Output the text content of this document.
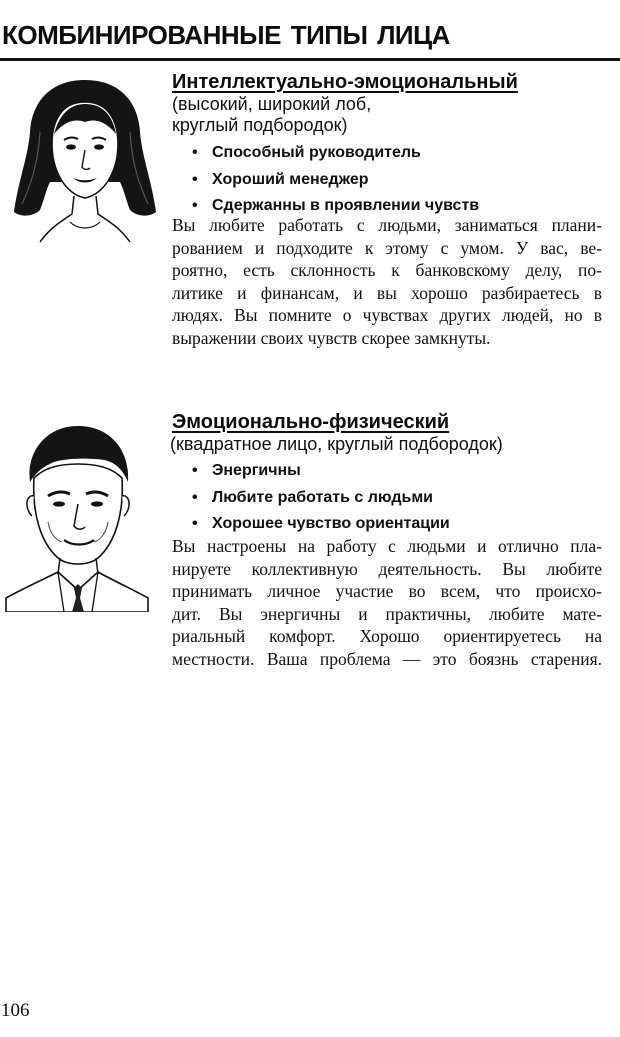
комбинированные типы лица
Интеллектуально-эмоциональный
(высокий, широкий лоб,
круглый подбородок)
• Способный руководитель
• Хороший менеджер
• Сдержанны в проявлении чувств
Вы любите работать с людьми, заниматься плани-
рованием и подходите к этому с умом. У вас, ве-
роятно, есть склонность к банковскому делу, по-
литике и финансам, и вы хорошо разбираетесь в
людях. Вы помните о чувствах других людей, но в
выражении своих чувств скорее замкнуты.
Эмоционально-физический
(квадратное лицо, круглый подбородок)
• Энергичны
• Любите работать с людьми
• Хорошее чувство ориентации
Вы настроены на работу с людьми и отлично пла-
нируете коллективную деятельность. Вы любите
принимать личное участие во всем, что происхо-
дит. Вы энергичны и практичны, любите мате-
риальный комфорт. Хорошо ориентируетесь на
местности. Ваша проблема — это боязнь старения.
106
